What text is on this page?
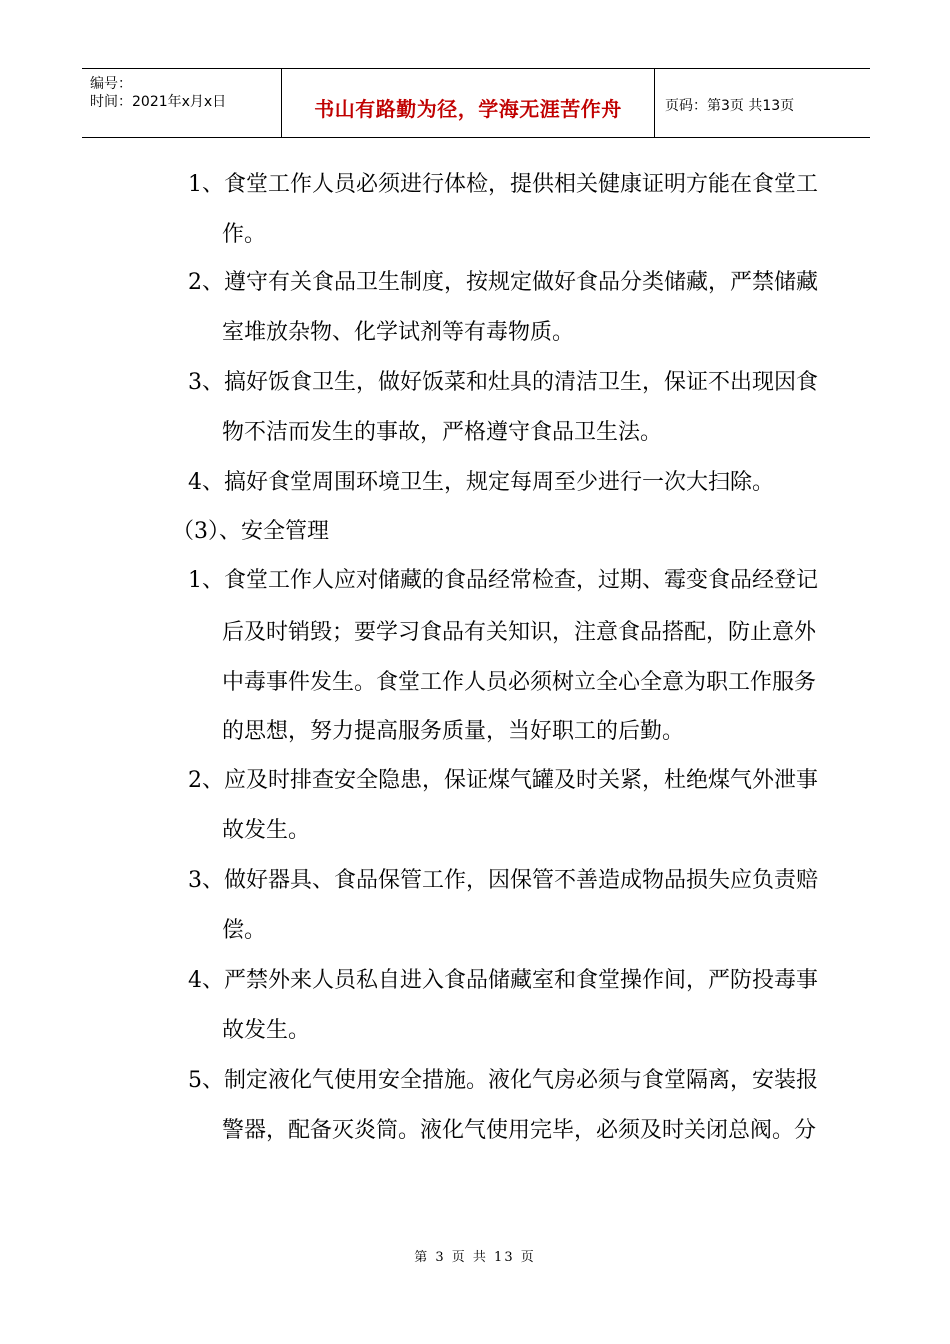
编号：
时间：2021年x月x日	书山有路勤为径，学海无涯苦作舟	页码：第3页 共13页
1、食堂工作人员必须进行体检，提供相关健康证明方能在食堂工
作。
2、遵守有关食品卫生制度，按规定做好食品分类储藏，严禁储藏
室堆放杂物、化学试剂等有毒物质。
3、搞好饭食卫生，做好饭菜和灶具的清洁卫生，保证不出现因食
物不洁而发生的事故，严格遵守食品卫生法。
4、搞好食堂周围环境卫生，规定每周至少进行一次大扫除。
（3）、安全管理
1、食堂工作人应对储藏的食品经常检查，过期、霉变食品经登记
后及时销毁；要学习食品有关知识，注意食品搭配，防止意外
中毒事件发生。食堂工作人员必须树立全心全意为职工作服务
的思想，努力提高服务质量，当好职工的后勤。
2、应及时排查安全隐患，保证煤气罐及时关紧，杜绝煤气外泄事
故发生。
3、做好器具、食品保管工作，因保管不善造成物品损失应负责赔
偿。
4、严禁外来人员私自进入食品储藏室和食堂操作间，严防投毒事
故发生。
5、制定液化气使用安全措施。液化气房必须与食堂隔离，安装报
警器，配备灭炎筒。液化气使用完毕，必须及时关闭总阀。分
第 3 页 共 13 页
